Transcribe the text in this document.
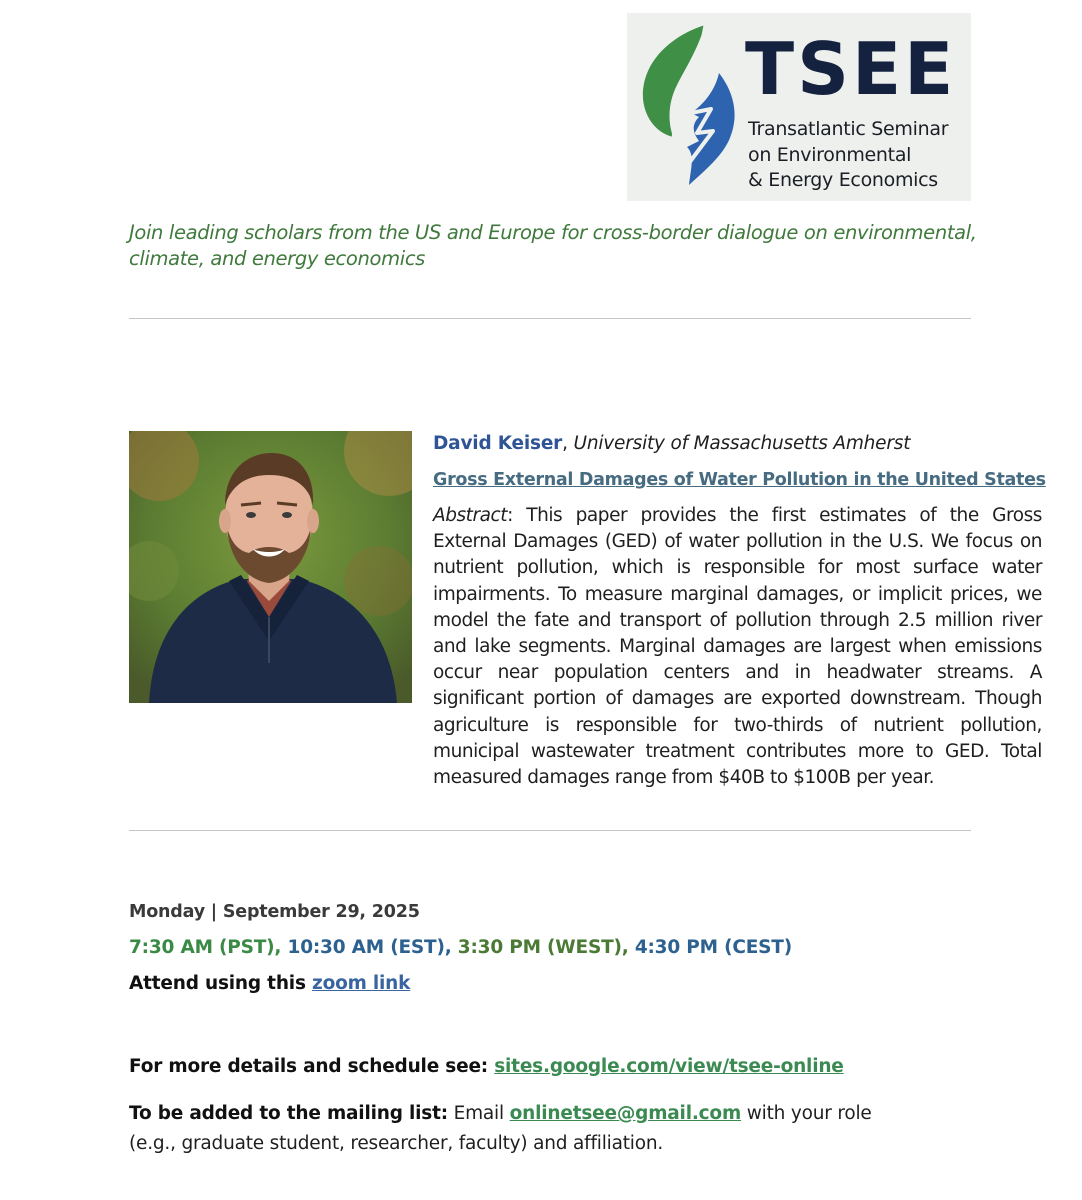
TSEE
Transatlantic Seminar
on Environmental
& Energy Economics
Join leading scholars from the US and Europe for cross-border dialogue on environmental, climate, and energy economics
David Keiser, University of Massachusetts Amherst
Gross External Damages of Water Pollution in the United States
Abstract: This paper provides the first estimates of the Gross External Damages (GED) of water pollution in the U.S. We focus on nutrient pollution, which is responsible for most surface water impairments. To measure marginal damages, or implicit prices, we model the fate and transport of pollution through 2.5 million river and lake segments. Marginal damages are largest when emissions occur near population centers and in headwater streams. A significant portion of damages are exported downstream. Though agriculture is responsible for two-thirds of nutrient pollution, municipal wastewater treatment contributes more to GED. Total measured damages range from $40B to $100B per year.
Monday | September 29, 2025
7:30 AM (PST), 10:30 AM (EST), 3:30 PM (WEST), 4:30 PM (CEST)
Attend using this zoom link
For more details and schedule see: sites.google.com/view/tsee-online
To be added to the mailing list: Email onlinetsee@gmail.com with your role (e.g., graduate student, researcher, faculty) and affiliation.
